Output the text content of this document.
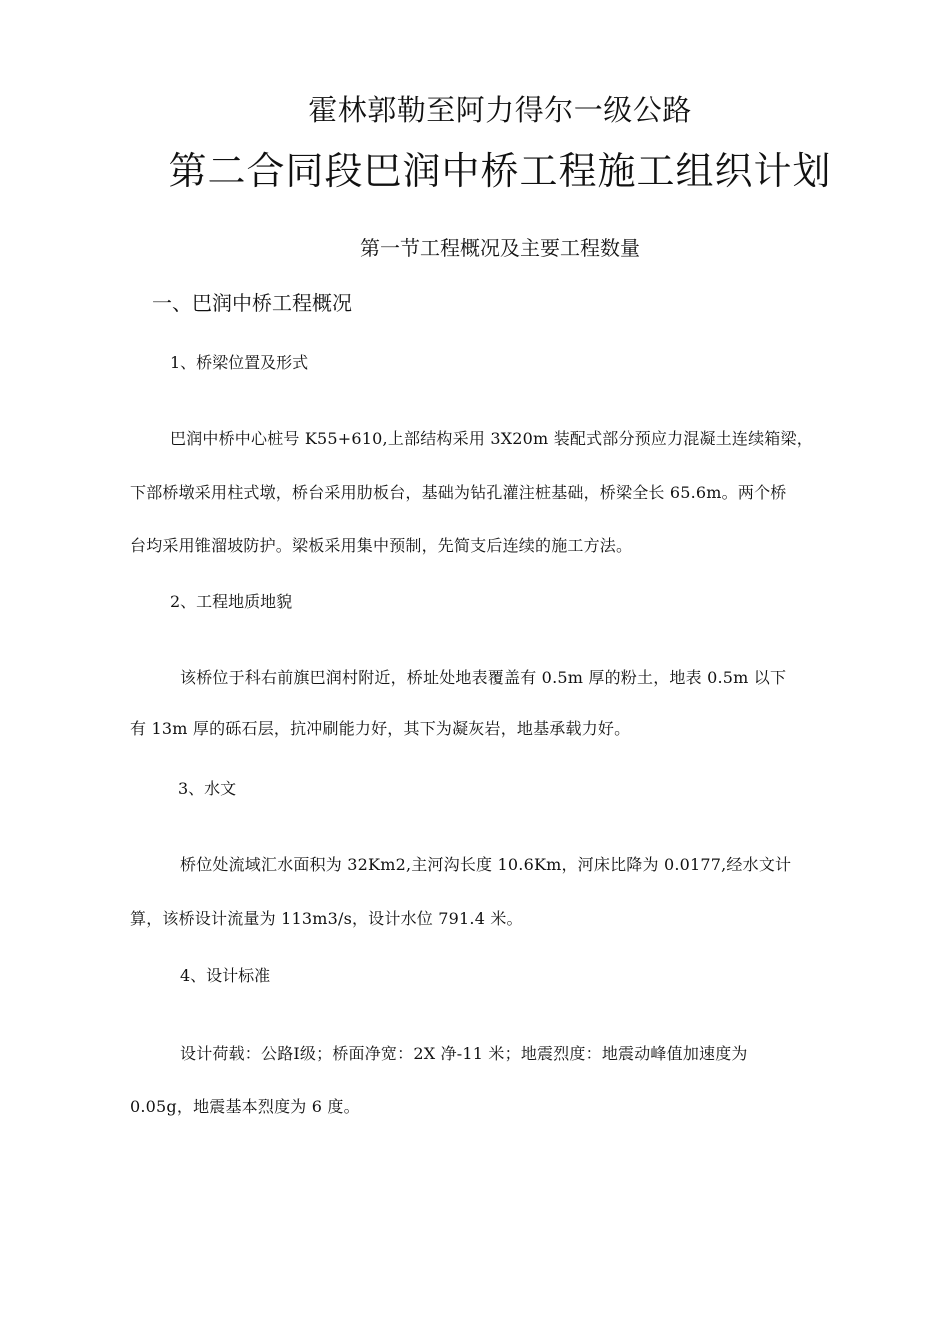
霍林郭勒至阿力得尔一级公路
第二合同段巴润中桥工程施工组织计划
第一节工程概况及主要工程数量
一、巴润中桥工程概况
1、桥梁位置及形式
巴润中桥中心桩号 K55+610,上部结构采用 3X20m 装配式部分预应力混凝土连续箱梁，
下部桥墩采用柱式墩，桥台采用肋板台，基础为钻孔灌注桩基础，桥梁全长 65.6m。两个桥
台均采用锥溜坡防护。梁板采用集中预制，先简支后连续的施工方法。
2、工程地质地貌
该桥位于科右前旗巴润村附近，桥址处地表覆盖有 0.5m 厚的粉土，地表 0.5m 以下
有 13m 厚的砾石层，抗冲刷能力好，其下为凝灰岩，地基承载力好。
3、水文
桥位处流域汇水面积为 32Km2,主河沟长度 10.6Km，河床比降为 0.0177,经水文计
算，该桥设计流量为 113m3/s，设计水位 791.4 米。
4、设计标准
设计荷载：公路Ⅰ级；桥面净宽：2X 净-11 米；地震烈度：地震动峰值加速度为
0.05g，地震基本烈度为 6 度。
